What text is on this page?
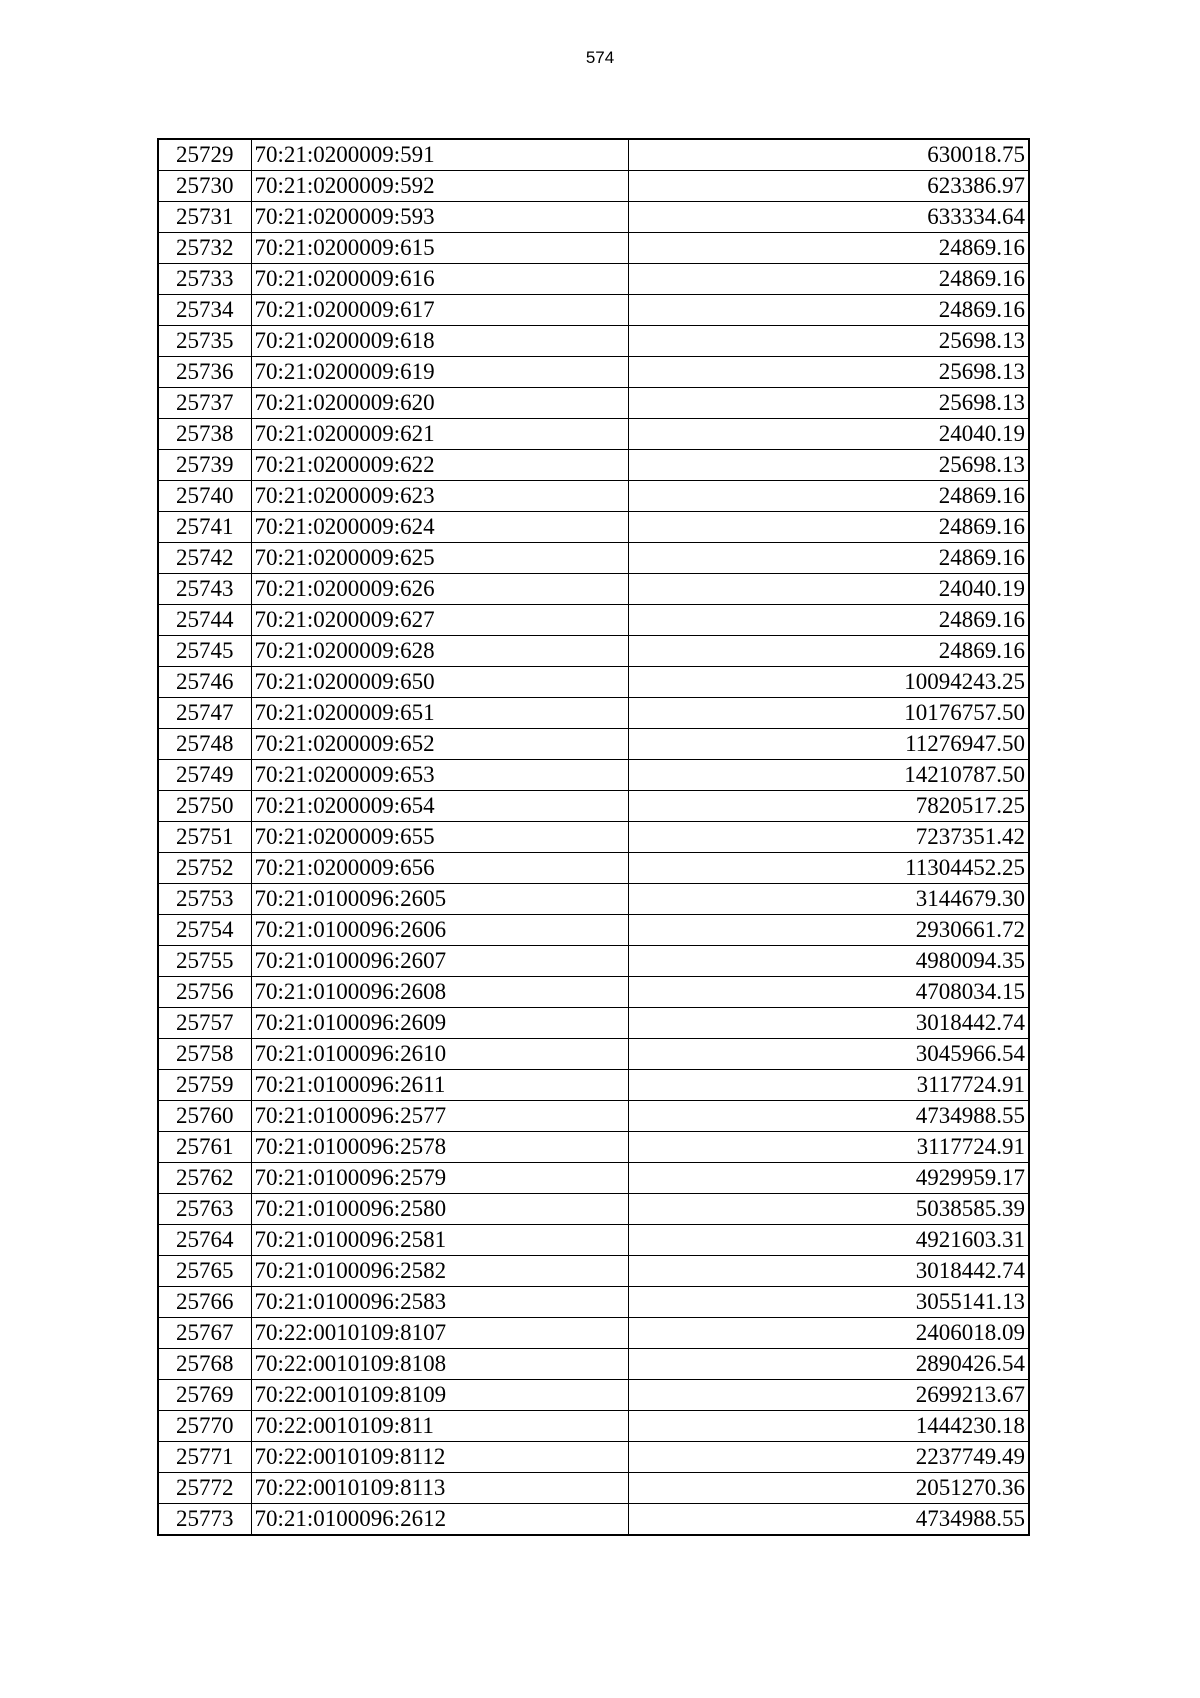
574
25729	70:21:0200009:591	630018.75
25730	70:21:0200009:592	623386.97
25731	70:21:0200009:593	633334.64
25732	70:21:0200009:615	24869.16
25733	70:21:0200009:616	24869.16
25734	70:21:0200009:617	24869.16
25735	70:21:0200009:618	25698.13
25736	70:21:0200009:619	25698.13
25737	70:21:0200009:620	25698.13
25738	70:21:0200009:621	24040.19
25739	70:21:0200009:622	25698.13
25740	70:21:0200009:623	24869.16
25741	70:21:0200009:624	24869.16
25742	70:21:0200009:625	24869.16
25743	70:21:0200009:626	24040.19
25744	70:21:0200009:627	24869.16
25745	70:21:0200009:628	24869.16
25746	70:21:0200009:650	10094243.25
25747	70:21:0200009:651	10176757.50
25748	70:21:0200009:652	11276947.50
25749	70:21:0200009:653	14210787.50
25750	70:21:0200009:654	7820517.25
25751	70:21:0200009:655	7237351.42
25752	70:21:0200009:656	11304452.25
25753	70:21:0100096:2605	3144679.30
25754	70:21:0100096:2606	2930661.72
25755	70:21:0100096:2607	4980094.35
25756	70:21:0100096:2608	4708034.15
25757	70:21:0100096:2609	3018442.74
25758	70:21:0100096:2610	3045966.54
25759	70:21:0100096:2611	3117724.91
25760	70:21:0100096:2577	4734988.55
25761	70:21:0100096:2578	3117724.91
25762	70:21:0100096:2579	4929959.17
25763	70:21:0100096:2580	5038585.39
25764	70:21:0100096:2581	4921603.31
25765	70:21:0100096:2582	3018442.74
25766	70:21:0100096:2583	3055141.13
25767	70:22:0010109:8107	2406018.09
25768	70:22:0010109:8108	2890426.54
25769	70:22:0010109:8109	2699213.67
25770	70:22:0010109:811	1444230.18
25771	70:22:0010109:8112	2237749.49
25772	70:22:0010109:8113	2051270.36
25773	70:21:0100096:2612	4734988.55
